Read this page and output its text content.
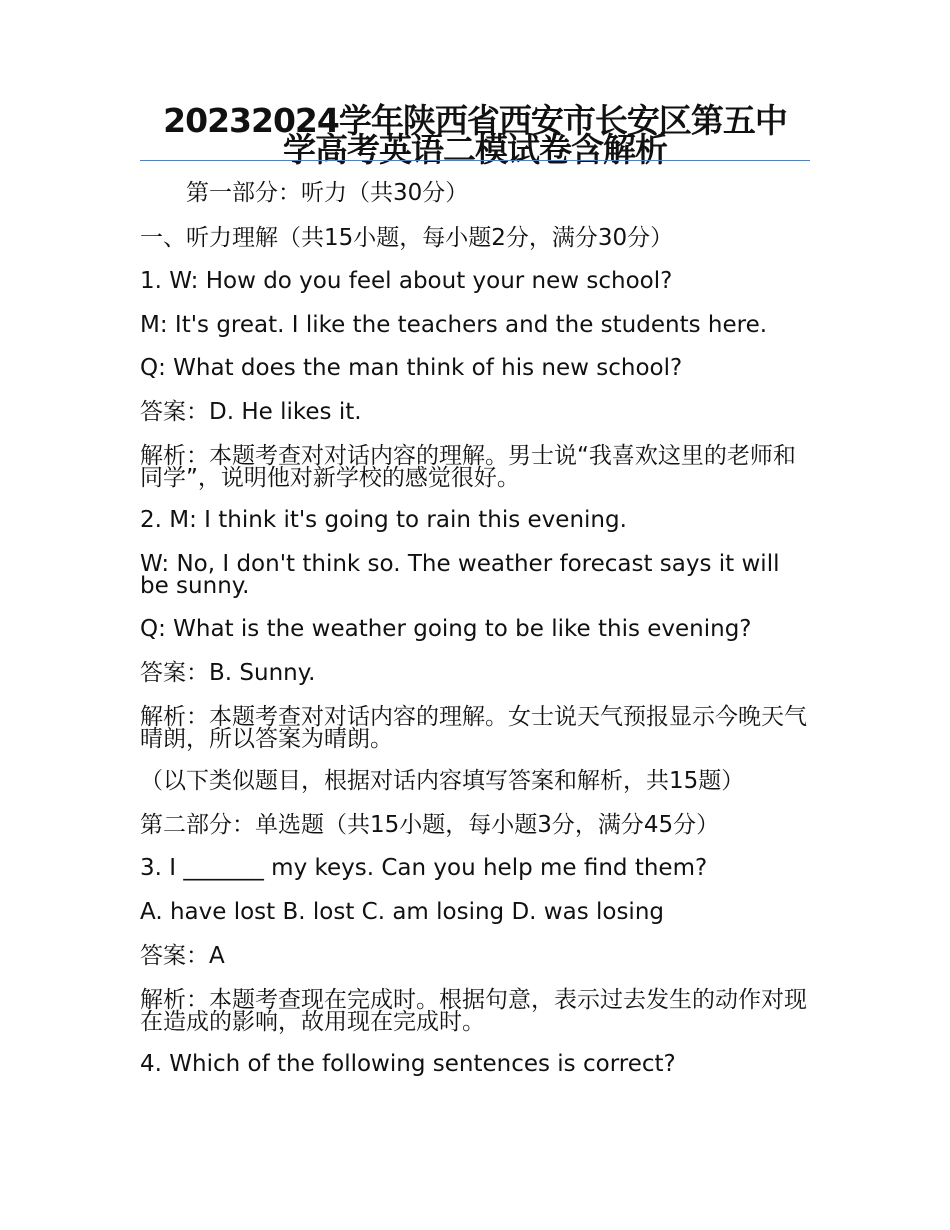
20232024学年陕西省西安市长安区第五中学高考英语二模试卷含解析
第一部分：听力（共30分）
一、听力理解（共15小题，每小题2分，满分30分）
1. W: How do you feel about your new school?
M: It's great. I like the teachers and the students here.
Q: What does the man think of his new school?
答案：D. He likes it.
解析：本题考查对对话内容的理解。男士说“我喜欢这里的老师和同学”，说明他对新学校的感觉很好。
2. M: I think it's going to rain this evening.
W: No, I don't think so. The weather forecast says it will be sunny.
Q: What is the weather going to be like this evening?
答案：B. Sunny.
解析：本题考查对对话内容的理解。女士说天气预报显示今晚天气晴朗，所以答案为晴朗。
（以下类似题目，根据对话内容填写答案和解析，共15题）
第二部分：单选题（共15小题，每小题3分，满分45分）
3. I _______ my keys. Can you help me find them?
A. have lost B. lost C. am losing D. was losing
答案：A
解析：本题考查现在完成时。根据句意，表示过去发生的动作对现在造成的影响，故用现在完成时。
4. Which of the following sentences is correct?
